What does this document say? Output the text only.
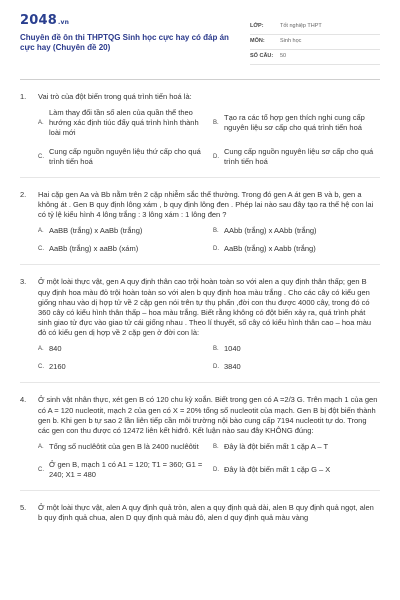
2048.vn
Chuyên đề ôn thi THPTQG Sinh học cực hay có đáp án cực hay (Chuyên đề 20)
LỚP:	Tốt nghiệp THPT
MÔN:	Sinh học
SỐ CÂU:	50
1.	Vai trò của đột biến trong quá trình tiến hoá là:
A.
Làm thay đổi tần số alen của quần thể theo hướng xác định tiúc đẩy quá trình hình thành loài mới
B.
Tạo ra các tổ hợp gen thích nghi cung cấp nguyên liệu sơ cấp cho quá trình tiến hoá
C.
Cung cấp nguồn nguyên liệu thứ cấp cho quá trình tiến hoá
D.
Cung cấp nguồn nguyên liệu sơ cấp cho quá trình tiến hoá
2.	Hai cặp gen Aa và Bb nằm trên 2 cặp nhiễm sắc thể thường. Trong đó gen A át gen B và b, gen a không át . Gen B quy định lông xám , b quy định lông đen . Phép lai nào sau đây tạo ra thế hệ con lai có tỷ lệ kiểu hình 4 lông trắng : 3 lông xám : 1 lông đen ?
A. AaBB (trắng) x AaBb (trắng)	B. AAbb (trắng) x AAbb (trắng)
C. AaBb (trắng) x aaBb (xám)	D. AaBb (trắng) x Aabb (trắng)
3.	Ở một loài thực vật, gen A quy định thân cao trội hoàn toàn so với alen a quy định thân thấp; gen B quy định hoa màu đỏ trội hoàn toàn so với alen b quy định hoa màu trắng . Cho các cây có kiểu gen giống nhau vào dị hợp tử về 2 cặp gen nói trên tự thụ phấn ,đời con thu được 4000 cây, trong đó có 360 cây có kiểu hình thân thấp – hoa màu trắng. Biết rằng không có đột biến xảy ra, quá trình phát sinh giao tử đực vào giao tử cái giống nhau . Theo lí thuyết, số cây có kiểu hình thân cao – hoa màu đỏ có kiểu gen dị hợp về 2 cặp gen ở đời con là:
A. 840	B. 1040
C. 2160	D. 3840
4.	Ở sinh vật nhân thực, xét gen B có 120 chu kỳ xoắn. Biết trong gen có A =2/3 G. Trên mạch 1 của gen có A = 120 nucleotit, mạch 2 của gen có X = 20% tổng số nucleotit của mạch. Gen B bị đột biến thành gen b. Khi gen b tự sao 2 lần liên tiếp cần môi trường nội bào cung cấp 7194 nucleotit tự do. Trong các gen con thu được có 12472 liên kết hiđrô. Kết luận nào sau đây KHÔNG đúng:
A. Tổng số nuclêôtit của gen B là 2400 nuclêôtit B. Đây là đột biến mất 1 cặp A – T
C.
Ở gen B, mạch 1 có A1 = 120; T1 = 360; G1 = 240; X1 = 480
D. Đây là đột biến mất 1 cặp G – X
5.	Ở một loài thực vật, alen A quy định quả tròn, alen a quy định quả dài, alen B quy định quả ngọt, alen b quy định quả chua, alen D quy định quả màu đỏ, alen d quy định quả màu vàng
